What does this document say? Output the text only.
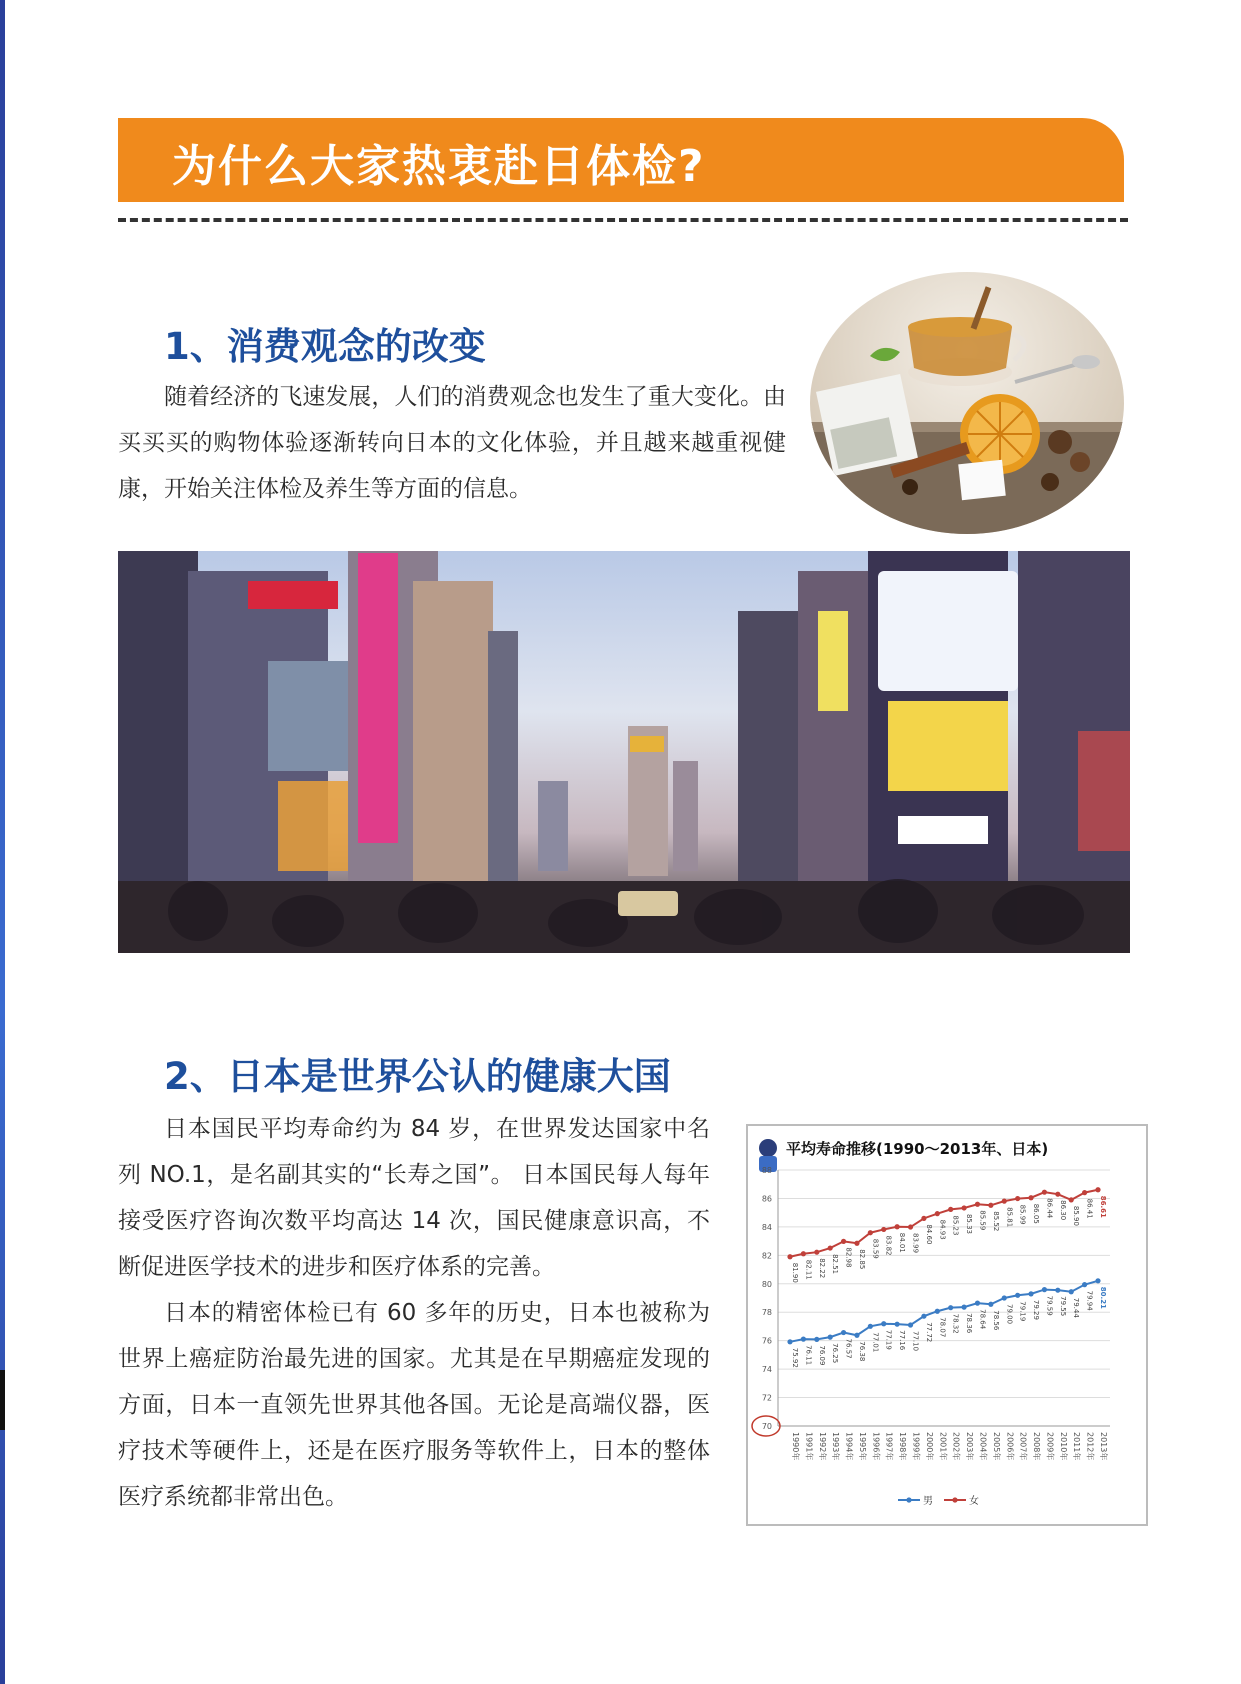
为什么大家热衷赴日体检?
1、消费观念的改变

随着经济的飞速发展，人们的消费观念也发生了重大变化。由买买买的购物体验逐渐转向日本的文化体验，并且越来越重视健康，开始关注体检及养生等方面的信息。

2、日本是世界公认的健康大国

日本国民平均寿命约为 84 岁，在世界发达国家中名列 NO.1，是名副其实的“长寿之国”。 日本国民每人每年接受医疗咨询次数平均高达 14 次，国民健康意识高，不断促进医学技术的进步和医疗体系的完善。

日本的精密体检已有 60 多年的历史，日本也被称为世界上癌症防治最先进的国家。尤其是在早期癌症发现的方面，日本一直领先世界其他各国。无论是高端仪器，医疗技术等硬件上，还是在医疗服务等软件上，日本的整体医疗系统都非常出色。

平均寿命推移(1990～2013年、日本)
70
72
74
76
78
80
82
84
86
88
1990年 1991年 1992年 1993年 1994年 1995年 1996年 1997年 1998年 1999年 2000年 2001年 2002年 2003年 2004年 2005年 2006年 2007年 2008年 2009年 2010年 2011年 2012年 2013年
75.92 76.11 76.09 76.25 76.57 76.38 77.01 77.19 77.16 77.10 77.72 78.07 78.32 78.36 78.64 78.56 79.00 79.19 79.29 79.59 79.55 79.44 79.94 80.21
81.90 82.11 82.22 82.51 82.98 82.85
83.59 83.82 84.01 83.99 84.60 84.93 85.23 85.33 85.59 85.52 85.81 85.99 86.05 86.44 86.30 85.90 86.41 86.61
男	女
